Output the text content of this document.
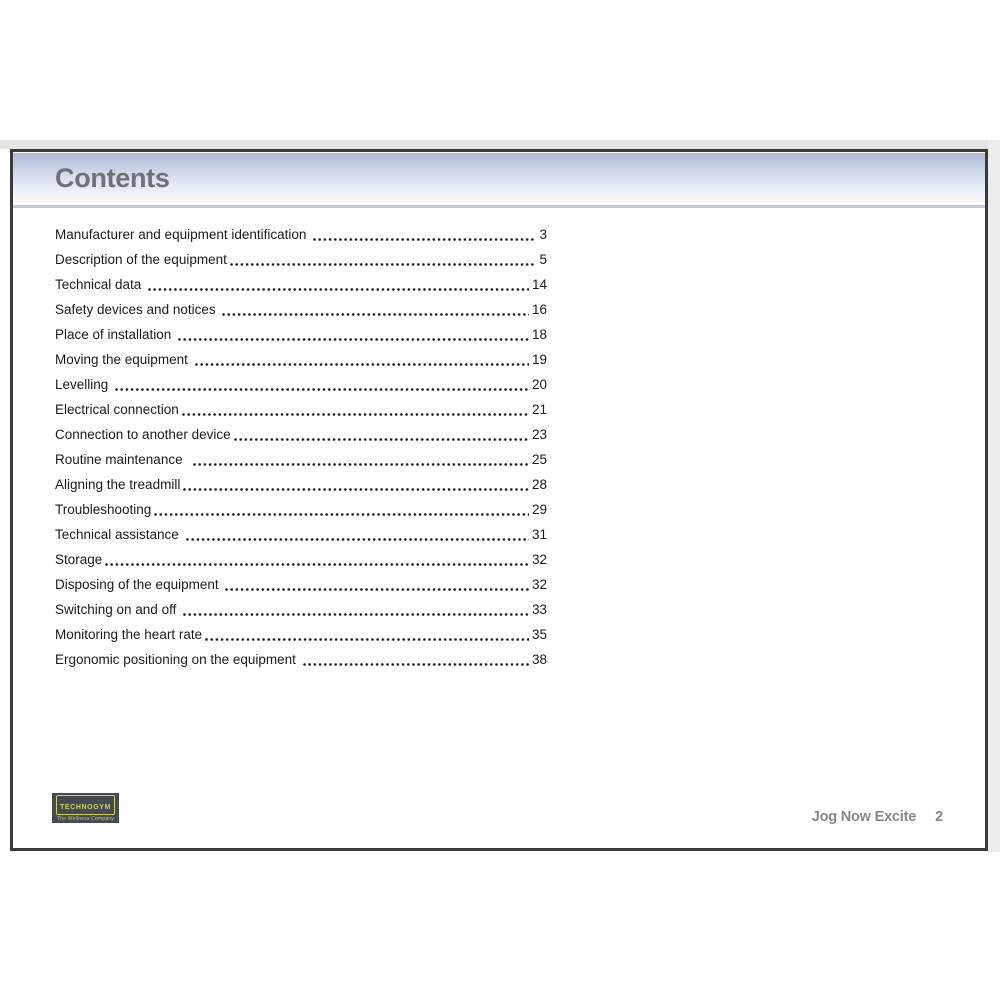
Contents
Manufacturer and equipment identification	3
Description of the equipment	5
Technical data	14
Safety devices and notices	16
Place of installation	18
Moving the equipment	19
Levelling	20
Electrical connection	21
Connection to another device	23
Routine maintenance	25
Aligning the treadmill	28
Troubleshooting	29
Technical assistance	31
Storage	32
Disposing of the equipment	32
Switching on and off	33
Monitoring the heart rate	35
Ergonomic positioning on the equipment	38
TECHNOGYM
The Wellness Company	Jog Now Excite 2
